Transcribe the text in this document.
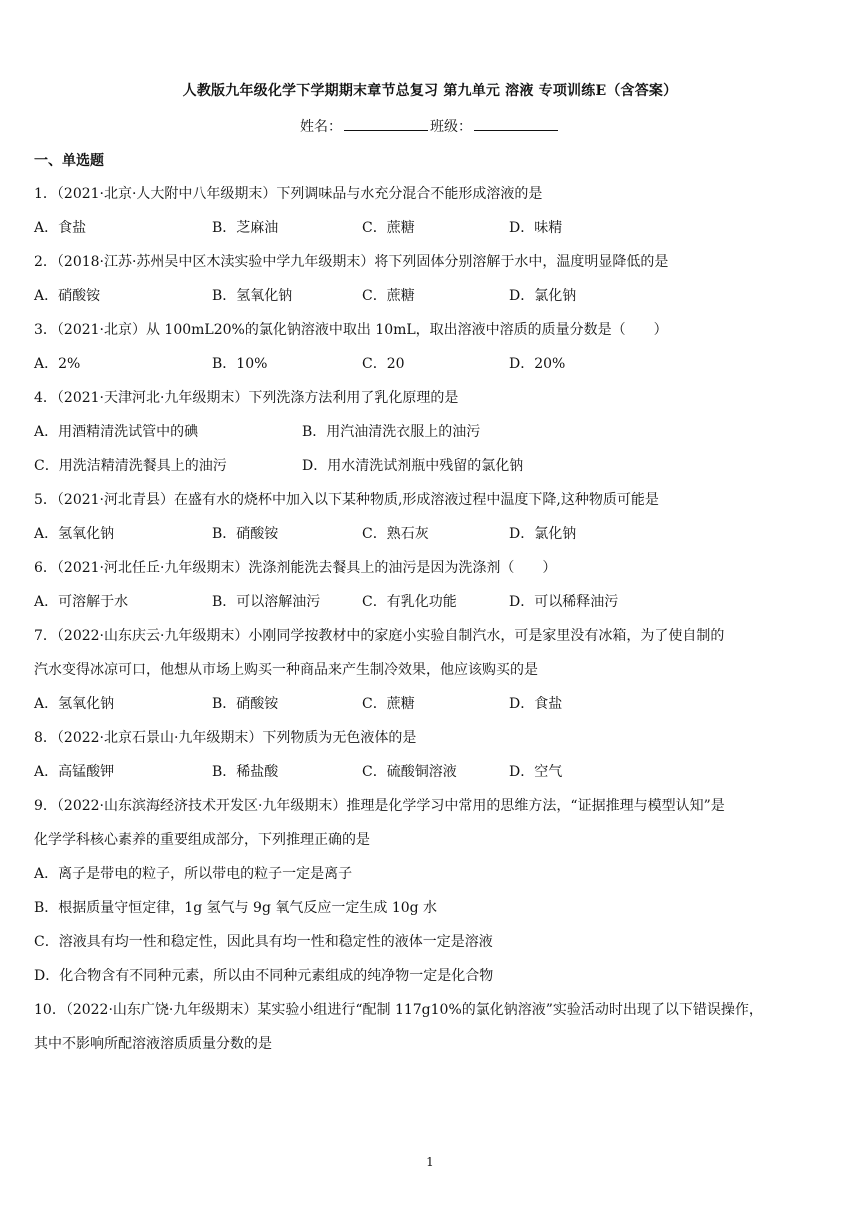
人教版九年级化学下学期期末章节总复习 第九单元 溶液 专项训练E（含答案）
姓名：	班级：
一、单选题
1．（2021·北京·人大附中八年级期末）下列调味品与水充分混合不能形成溶液的是
A．食盐	B．芝麻油	C．蔗糖	D．味精
2．（2018·江苏·苏州吴中区木渎实验中学九年级期末）将下列固体分别溶解于水中，温度明显降低的是
A．硝酸铵	B．氢氧化钠	C．蔗糖	D．氯化钠
3．（2021·北京）从 100mL20%的氯化钠溶液中取出 10mL，取出溶液中溶质的质量分数是（　　）
A．2%	B．10%	C．20	D．20%
4．（2021·天津河北·九年级期末）下列洗涤方法利用了乳化原理的是
A．用酒精清洗试管中的碘	B．用汽油清洗衣服上的油污
C．用洗洁精清洗餐具上的油污	D．用水清洗试剂瓶中残留的氯化钠
5．（2021·河北青县）在盛有水的烧杯中加入以下某种物质,形成溶液过程中温度下降,这种物质可能是
A．氢氧化钠	B．硝酸铵	C．熟石灰	D．氯化钠
6．（2021·河北任丘·九年级期末）洗涤剂能洗去餐具上的油污是因为洗涤剂（　　）
A．可溶解于水	B．可以溶解油污	C．有乳化功能	D．可以稀释油污
7．（2022·山东庆云·九年级期末）小刚同学按教材中的家庭小实验自制汽水，可是家里没有冰箱，为了使自制的
汽水变得冰凉可口，他想从市场上购买一种商品来产生制冷效果，他应该购买的是
A．氢氧化钠	B．硝酸铵	C．蔗糖	D．食盐
8．（2022·北京石景山·九年级期末）下列物质为无色液体的是
A．高锰酸钾	B．稀盐酸	C．硫酸铜溶液	D．空气
9．（2022·山东滨海经济技术开发区·九年级期末）推理是化学学习中常用的思维方法，“证据推理与模型认知”是
化学学科核心素养的重要组成部分，下列推理正确的是
A．离子是带电的粒子，所以带电的粒子一定是离子
B．根据质量守恒定律，1g 氢气与 9g 氧气反应一定生成 10g 水
C．溶液具有均一性和稳定性，因此具有均一性和稳定性的液体一定是溶液
D．化合物含有不同种元素，所以由不同种元素组成的纯净物一定是化合物
10．（2022·山东广饶·九年级期末）某实验小组进行“配制 117g10%的氯化钠溶液”实验活动时出现了以下错误操作，
其中不影响所配溶液溶质质量分数的是
1
